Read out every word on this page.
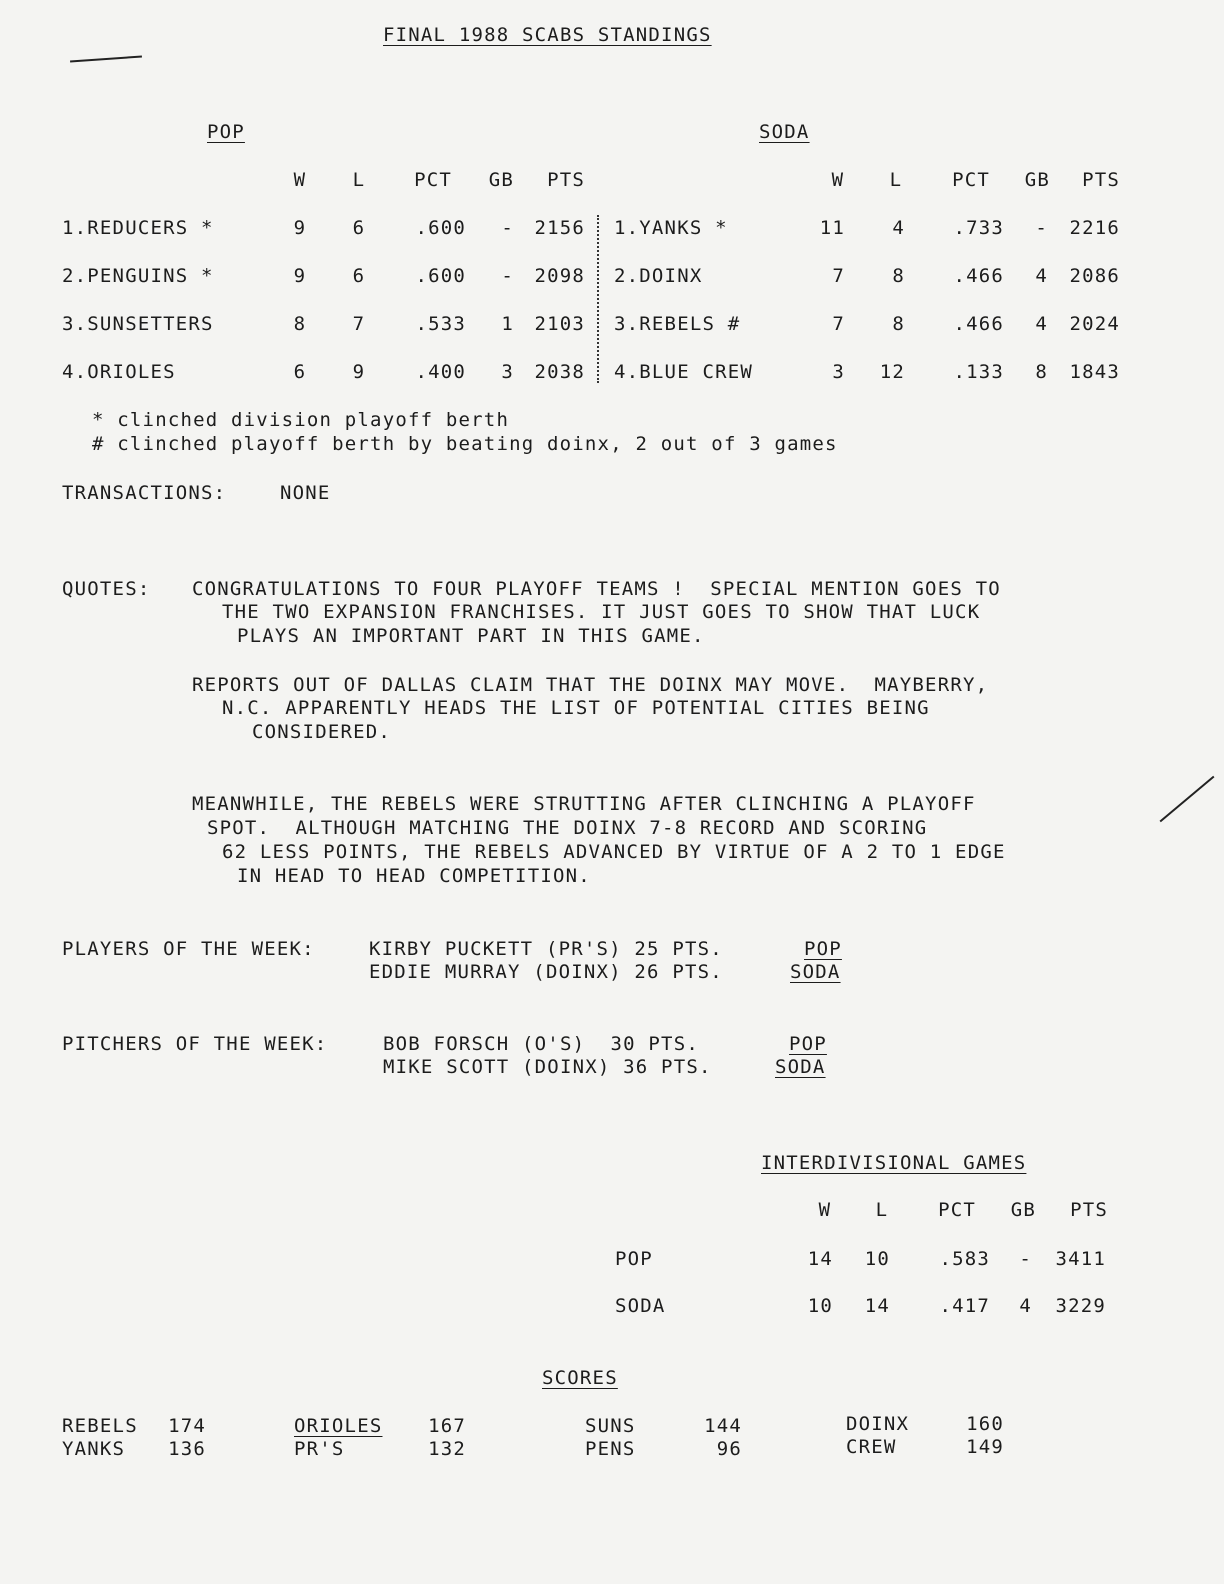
FINAL 1988 SCABS STANDINGS
POP	SODA
W L	PCT	GB	PTS	W L	PCT	GB	PTS
1.REDUCERS *	9 6	.600	-	2156
2.PENGUINS *	9 6	.600	-	2098
3.SUNSETTERS	8 7	.533	1	2103
4.ORIOLES	6 9	.400	3	2038
1.YANKS *	11	4	.733	-	2216
2.DOINX	7	8	.466	4	2086
3.REBELS #	7	8	.466	4	2024
4.BLUE CREW	3	12	.133	8	1843
* clinched division playoff berth
# clinched playoff berth by beating doinx, 2 out of 3 games
TRANSACTIONS:	NONE
QUOTES: CONGRATULATIONS TO FOUR PLAYOFF TEAMS !  SPECIAL MENTION GOES TO
THE TWO EXPANSION FRANCHISES. IT JUST GOES TO SHOW THAT LUCK
PLAYS AN IMPORTANT PART IN THIS GAME.
REPORTS OUT OF DALLAS CLAIM THAT THE DOINX MAY MOVE.  MAYBERRY,
N.C. APPARENTLY HEADS THE LIST OF POTENTIAL CITIES BEING
CONSIDERED.
MEANWHILE, THE REBELS WERE STRUTTING AFTER CLINCHING A PLAYOFF
SPOT.  ALTHOUGH MATCHING THE DOINX 7-8 RECORD AND SCORING
62 LESS POINTS, THE REBELS ADVANCED BY VIRTUE OF A 2 TO 1 EDGE
IN HEAD TO HEAD COMPETITION.
PLAYERS OF THE WEEK:	KIRBY PUCKETT (PR'S) 25 PTS.	POP
EDDIE MURRAY (DOINX) 26 PTS.	SODA
PITCHERS OF THE WEEK:	BOB FORSCH (O'S)  30 PTS.	POP
MIKE SCOTT (DOINX) 36 PTS.	SODA
INTERDIVISIONAL GAMES
W L	PCT	GB	PTS
POP	14	10	.583	-	3411
SODA	10	14	.417	4	3229
SCORES
REBELS	174
YANKS	136
ORIOLES	167
PR'S	132
SUNS	144
PENS	96
DOINX	160
CREW	149
